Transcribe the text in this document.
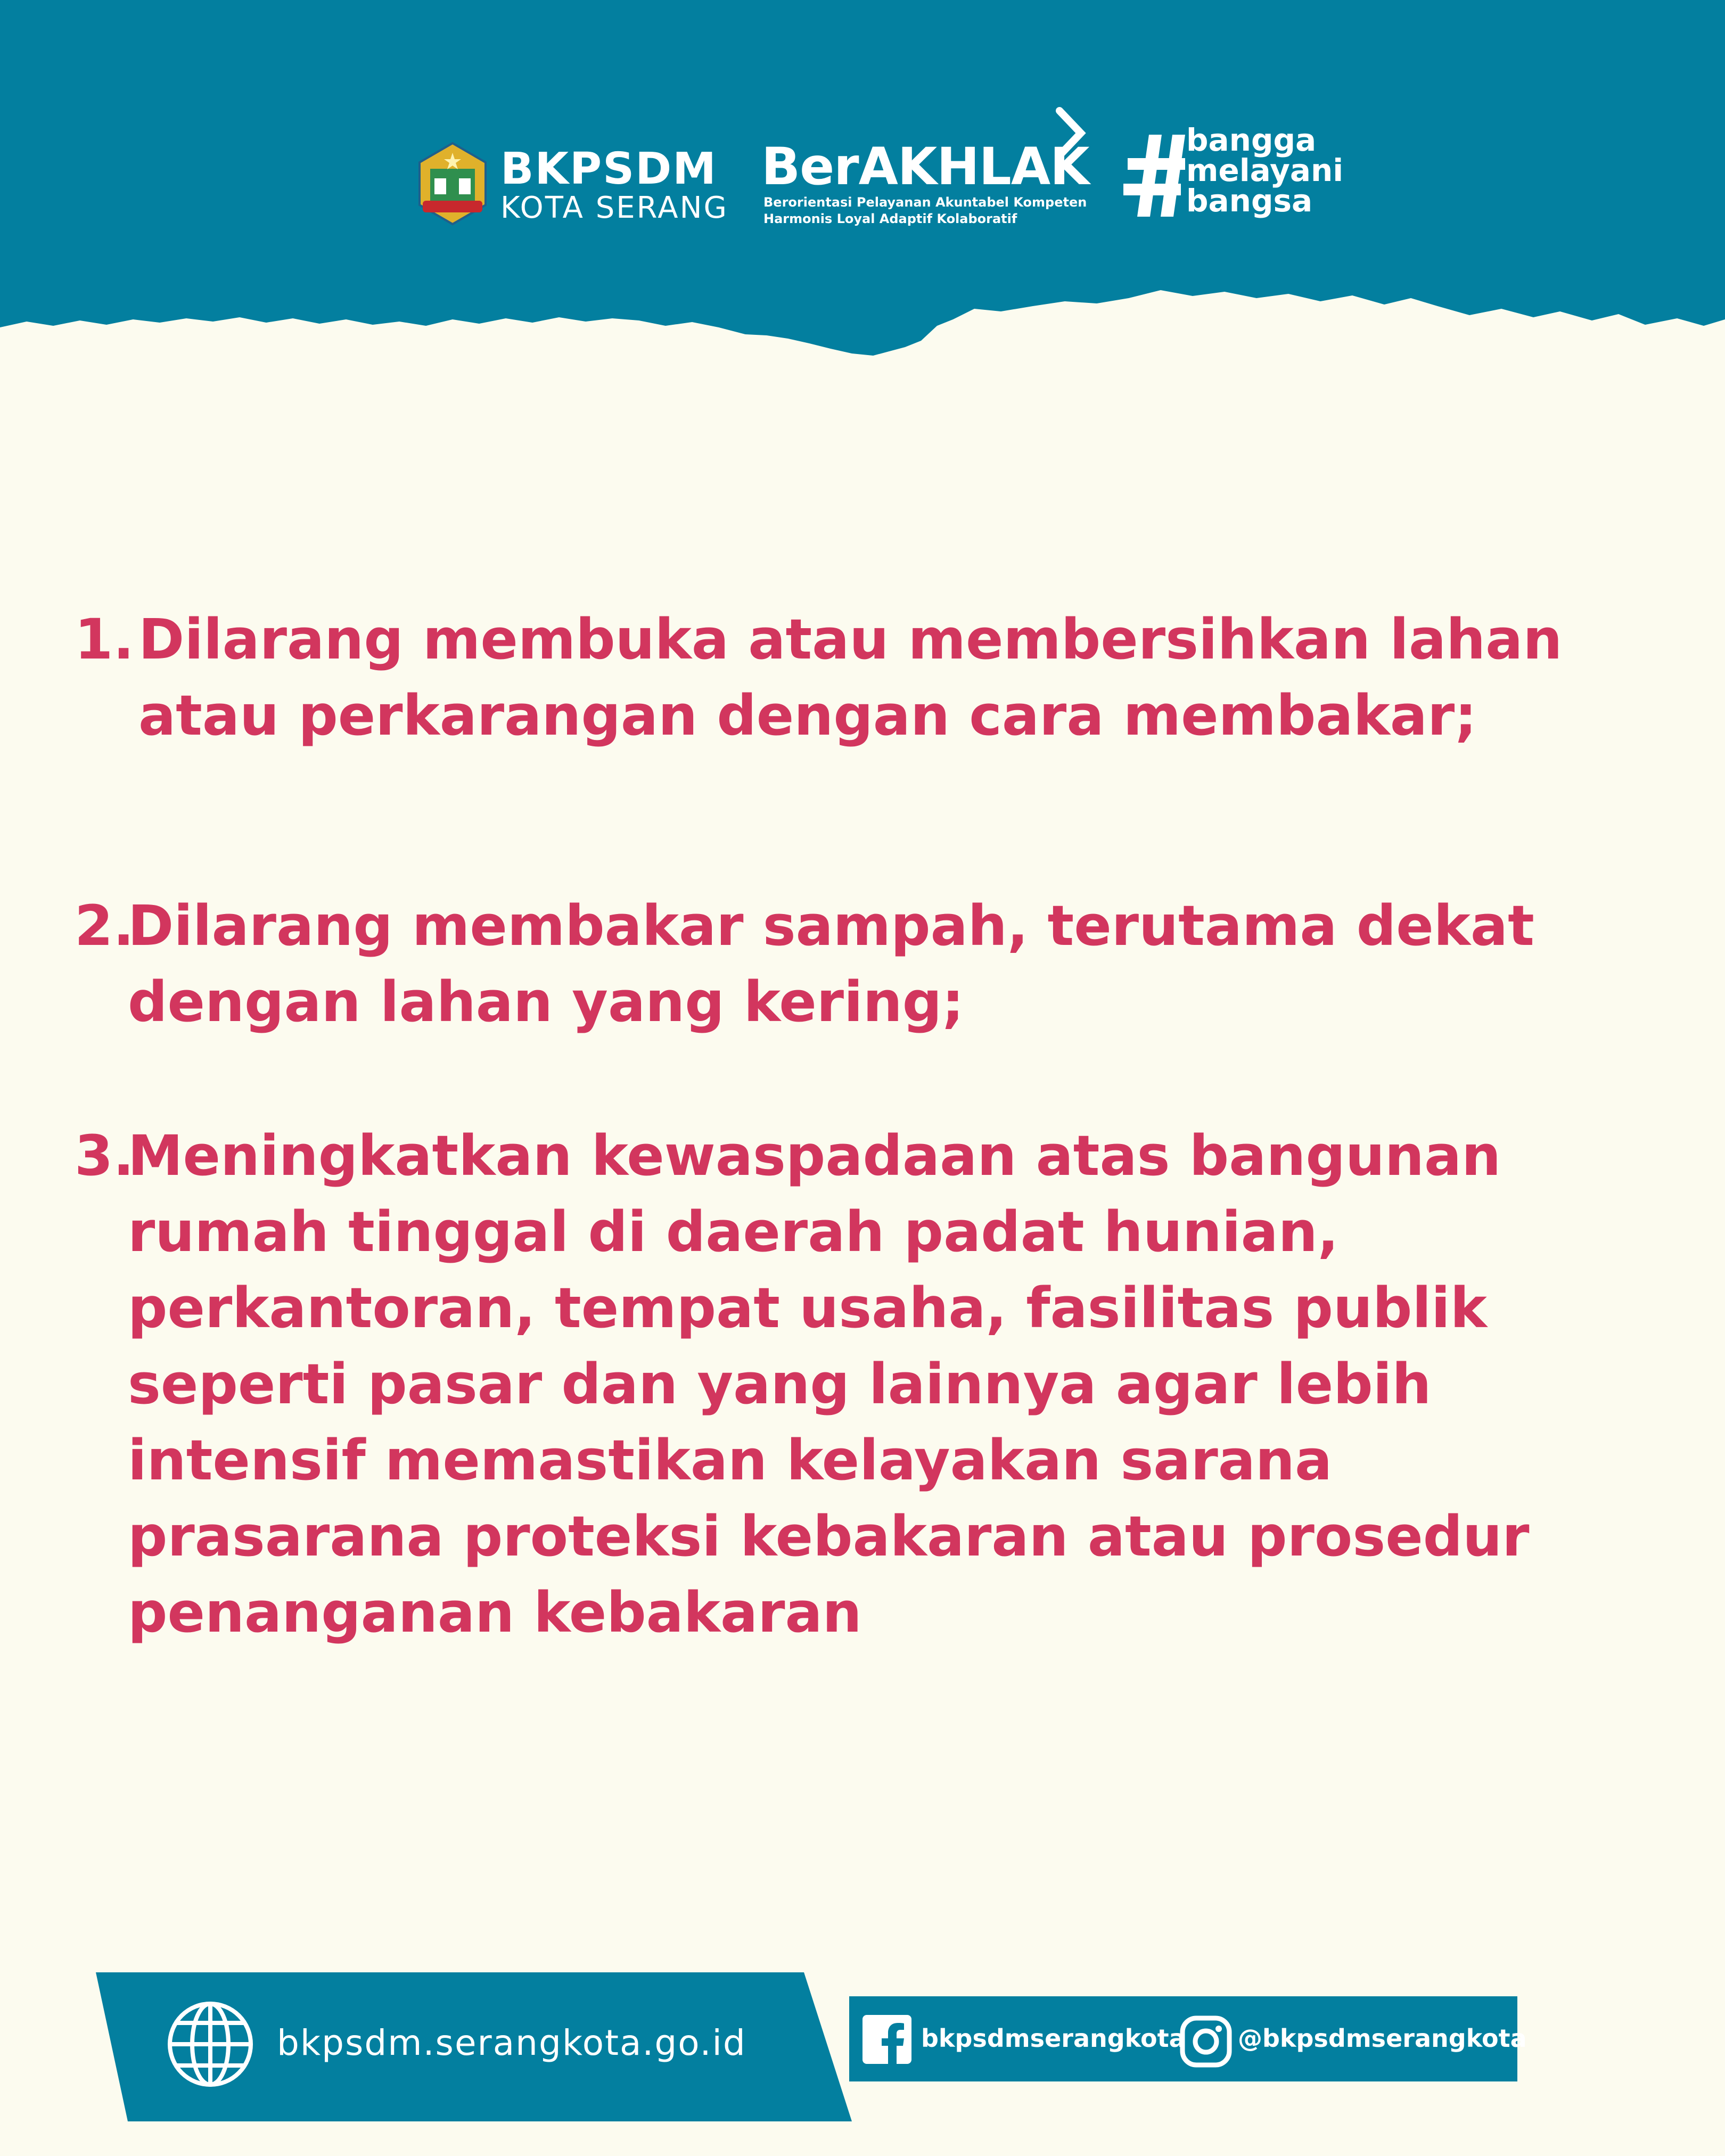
BKPSDM
KOTA SERANG
BerAKHLAK
Berorientasi Pelayanan Akuntabel Kompeten
Harmonis Loyal Adaptif Kolaboratif
bangga
melayani
bangsa
1. Dilarang membuka atau membersihkan lahan atau perkarangan dengan cara membakar;
2.
Dilarang membakar sampah, terutama dekat dengan lahan yang kering;
3.
Meningkatkan kewaspadaan atas bangunan rumah tinggal di daerah padat hunian, perkantoran, tempat usaha, fasilitas publik seperti pasar dan yang lainnya agar lebih intensif memastikan kelayakan sarana prasarana proteksi kebakaran atau prosedur penanganan kebakaran
bkpsdm.serangkota.go.id	bkpsdmserangkota @bkpsdmserangkota
